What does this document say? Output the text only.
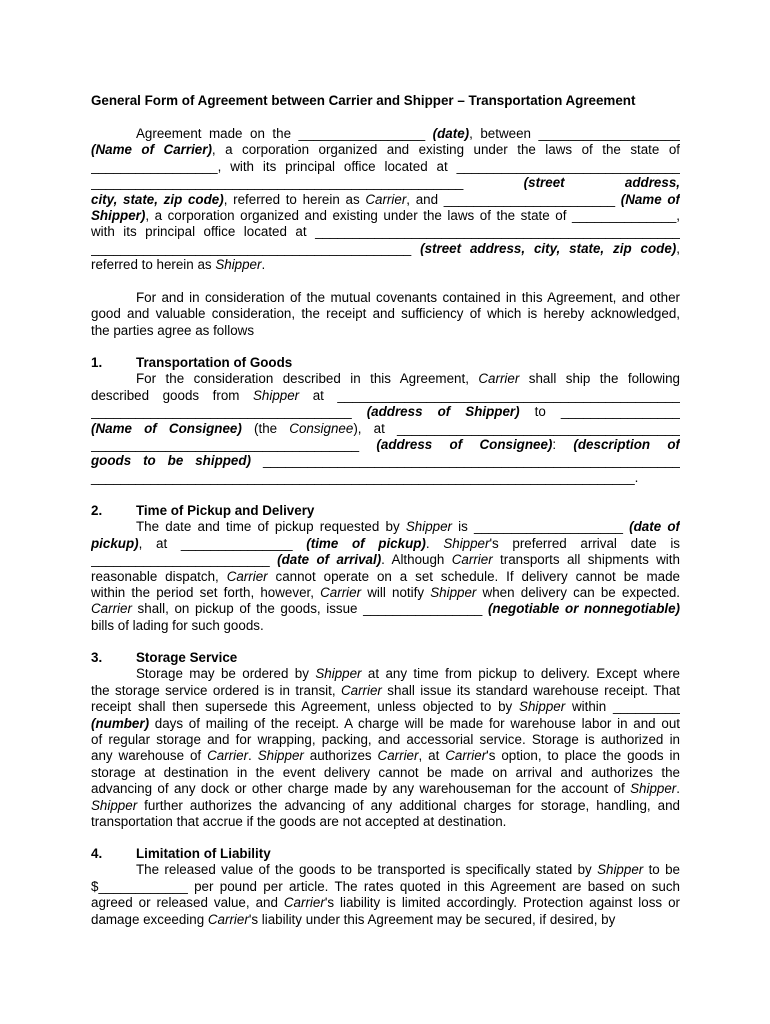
General Form of Agreement between Carrier and Shipper – Transportation Agreement
Agreement made on the _________________ (date), between ___________________
(Name of Carrier), a corporation organized and existing under the laws of the state of
_________________, with its principal office located at ______________________________
__________________________________________________ (street address,
city, state, zip code), referred to herein as Carrier, and _______________________ (Name of
Shipper), a corporation organized and existing under the laws of the state of ______________,
with its principal office located at _________________________________________________
___________________________________________ (street address, city, state, zip code),
referred to herein as Shipper.
For and in consideration of the mutual covenants contained in this Agreement, and other
good and valuable consideration, the receipt and sufficiency of which is hereby acknowledged,
the parties agree as follows
1.	Transportation of Goods
For the consideration described in this Agreement, Carrier shall ship the following
described goods from Shipper at ______________________________________________
___________________________________ (address of Shipper) to ________________
(Name of Consignee) (the Consignee), at ______________________________________
____________________________________ (address of Consignee): (description of
goods to be shipped) ________________________________________________________
_________________________________________________________________________.
2.	Time of Pickup and Delivery
The date and time of pickup requested by Shipper is ____________________ (date of
pickup), at _______________ (time of pickup). Shipper's preferred arrival date is
________________________ (date of arrival). Although Carrier transports all shipments with
reasonable dispatch, Carrier cannot operate on a set schedule. If delivery cannot be made
within the period set forth, however, Carrier will notify Shipper when delivery can be expected.
Carrier shall, on pickup of the goods, issue ________________ (negotiable or nonnegotiable)
bills of lading for such goods.
3.	Storage Service
Storage may be ordered by Shipper at any time from pickup to delivery. Except where
the storage service ordered is in transit, Carrier shall issue its standard warehouse receipt. That
receipt shall then supersede this Agreement, unless objected to by Shipper within _________
(number) days of mailing of the receipt. A charge will be made for warehouse labor in and out
of regular storage and for wrapping, packing, and accessorial service. Storage is authorized in
any warehouse of Carrier. Shipper authorizes Carrier, at Carrier's option, to place the goods in
storage at destination in the event delivery cannot be made on arrival and authorizes the
advancing of any dock or other charge made by any warehouseman for the account of Shipper.
Shipper further authorizes the advancing of any additional charges for storage, handling, and
transportation that accrue if the goods are not accepted at destination.
4.	Limitation of Liability
The released value of the goods to be transported is specifically stated by Shipper to be
$____________ per pound per article. The rates quoted in this Agreement are based on such
agreed or released value, and Carrier's liability is limited accordingly. Protection against loss or
damage exceeding Carrier's liability under this Agreement may be secured, if desired, by
